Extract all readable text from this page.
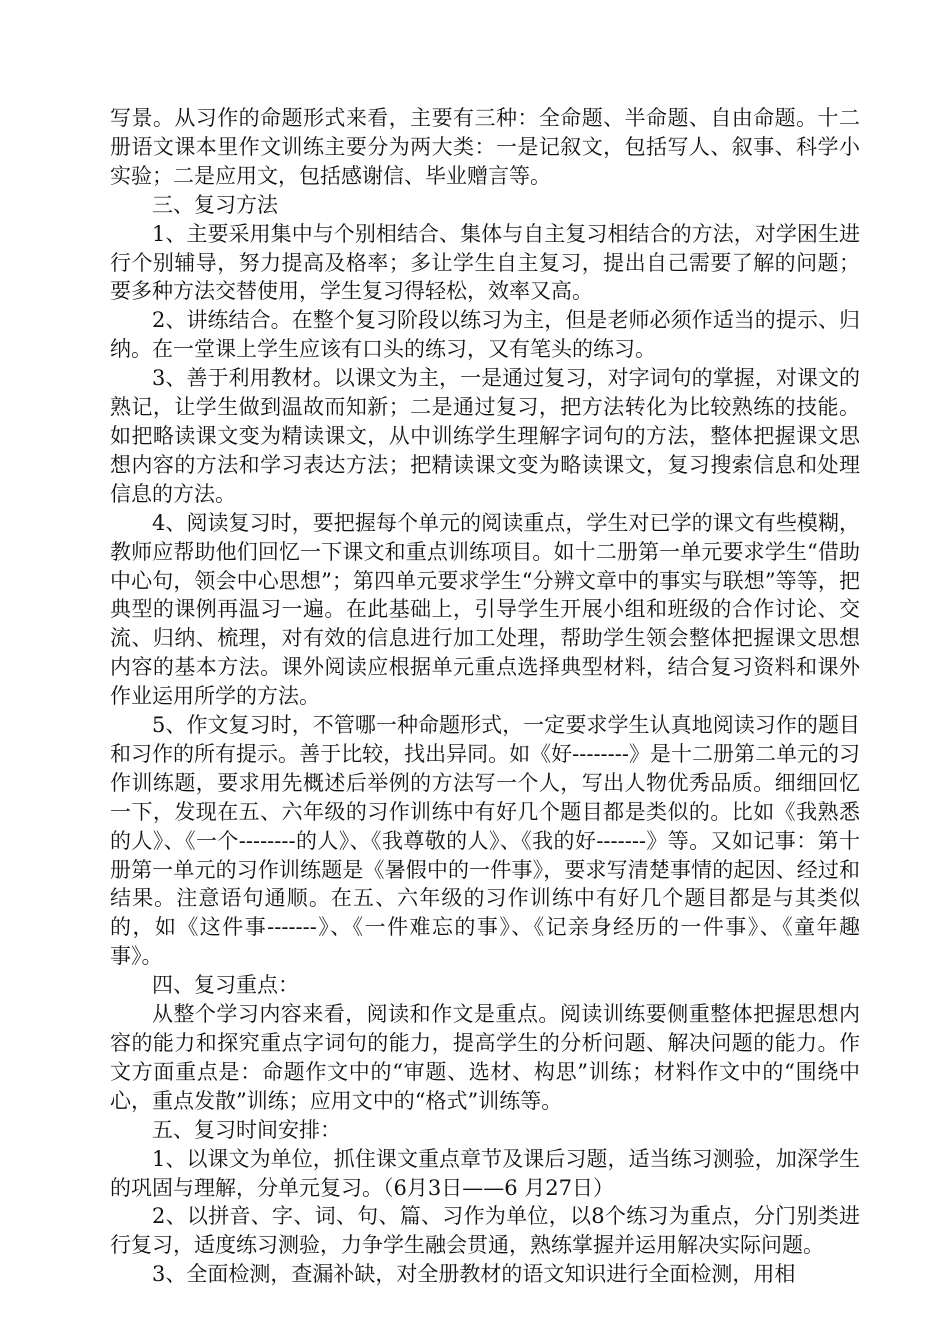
写景。从习作的命题形式来看，主要有三种：全命题、半命题、自由命题。十二册语文课本里作文训练主要分为两大类：一是记叙文，包括写人、叙事、科学小实验；二是应用文，包括感谢信、毕业赠言等。

三、复习方法

1、主要采用集中与个别相结合、集体与自主复习相结合的方法，对学困生进行个别辅导，努力提高及格率；多让学生自主复习，提出自己需要了解的问题；要多种方法交替使用，学生复习得轻松，效率又高。

2、讲练结合。在整个复习阶段以练习为主，但是老师必须作适当的提示、归纳。在一堂课上学生应该有口头的练习，又有笔头的练习。

3、善于利用教材。以课文为主，一是通过复习，对字词句的掌握，对课文的熟记，让学生做到温故而知新；二是通过复习，把方法转化为比较熟练的技能。如把略读课文变为精读课文，从中训练学生理解字词句的方法，整体把握课文思想内容的方法和学习表达方法；把精读课文变为略读课文，复习搜索信息和处理信息的方法。

4、阅读复习时，要把握每个单元的阅读重点，学生对已学的课文有些模糊，教师应帮助他们回忆一下课文和重点训练项目。如十二册第一单元要求学生“借助中心句，领会中心思想”；第四单元要求学生“分辨文章中的事实与联想”等等，把典型的课例再温习一遍。在此基础上，引导学生开展小组和班级的合作讨论、交流、归纳、梳理，对有效的信息进行加工处理，帮助学生领会整体把握课文思想内容的基本方法。课外阅读应根据单元重点选择典型材料，结合复习资料和课外作业运用所学的方法。

5、作文复习时，不管哪一种命题形式，一定要求学生认真地阅读习作的题目和习作的所有提示。善于比较，找出异同。如《好--------》是十二册第二单元的习作训练题，要求用先概述后举例的方法写一个人，写出人物优秀品质。细细回忆一下，发现在五、六年级的习作训练中有好几个题目都是类似的。比如《我熟悉的人》、《一个--------的人》、《我尊敬的人》、《我的好-------》等。又如记事：第十册第一单元的习作训练题是《暑假中的一件事》，要求写清楚事情的起因、经过和结果。注意语句通顺。在五、六年级的习作训练中有好几个题目都是与其类似的，如《这件事-------》、《一件难忘的事》、《记亲身经历的一件事》、《童年趣事》。

四、复习重点：

从整个学习内容来看，阅读和作文是重点。阅读训练要侧重整体把握思想内容的能力和探究重点字词句的能力，提高学生的分析问题、解决问题的能力。作文方面重点是：命题作文中的“审题、选材、构思”训练；材料作文中的“围绕中心，重点发散”训练；应用文中的“格式”训练等。

五、复习时间安排：

1、以课文为单位，抓住课文重点章节及课后习题，适当练习测验，加深学生的巩固与理解，分单元复习。（6月3日——6 月27日）

2、以拼音、字、词、句、篇、习作为单位，以8个练习为重点，分门别类进行复习，适度练习测验，力争学生融会贯通，熟练掌握并运用解决实际问题。

3、全面检测，查漏补缺，对全册教材的语文知识进行全面检测，用相
